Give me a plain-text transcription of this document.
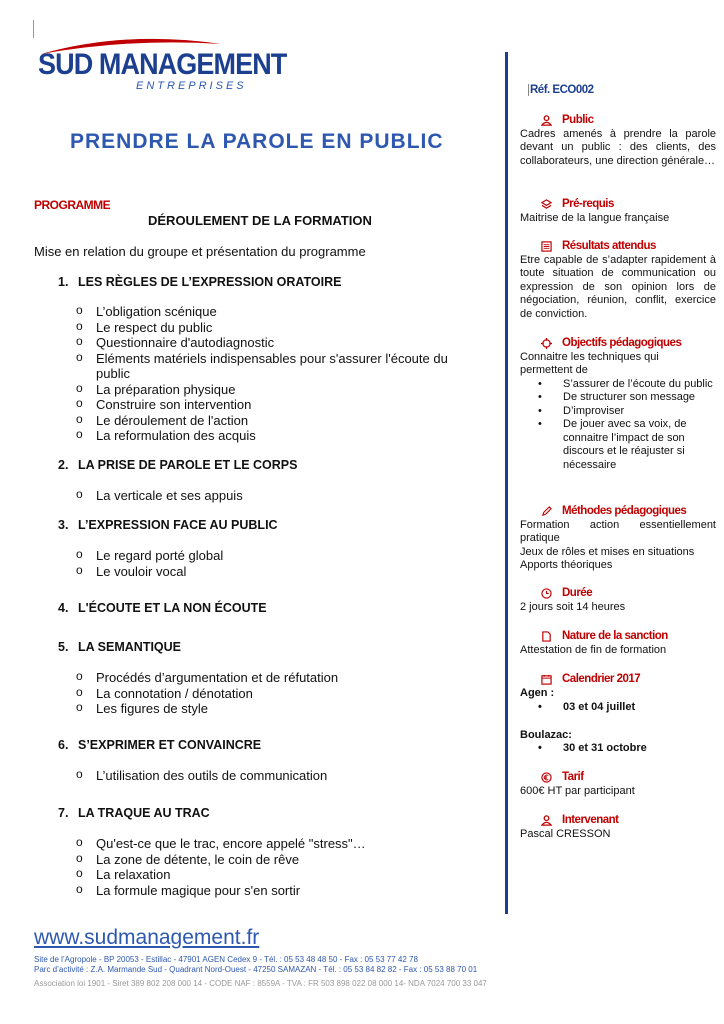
SUD MANAGEMENT
ENTREPRISES
PRENDRE LA PAROLE EN PUBLIC
PROGRAMME
DÉROULEMENT DE LA FORMATION
Mise en relation du groupe et présentation du programme
1. LES RÈGLES DE L’EXPRESSION ORATOIRE
o L’obligation scénique
o Le respect du public
o Questionnaire d'autodiagnostic
o Eléments matériels indispensables pour s'assurer l'écoute du public
o La préparation physique
o Construire son intervention
o Le déroulement de l'action
o La reformulation des acquis
2. LA PRISE DE PAROLE ET LE CORPS
o La verticale et ses appuis
3. L’EXPRESSION FACE AU PUBLIC
o Le regard porté global
o Le vouloir vocal
4. L'ÉCOUTE ET LA NON ÉCOUTE
5. LA SEMANTIQUE
o Procédés d’argumentation et de réfutation
o La connotation / dénotation
o Les figures de style
6. S’EXPRIMER ET CONVAINCRE
o L’utilisation des outils de communication
7. LA TRAQUE AU TRAC
o Qu'est-ce que le trac, encore appelé "stress"…
o La zone de détente, le coin de rêve
o La relaxation
o La formule magique pour s'en sortir
Réf. ECO002
Public
Cadres amenés à prendre la parole devant un public : des clients, des collaborateurs, une direction générale…
Pré-requis
Maitrise de la langue française
Résultats attendus
Etre capable de s’adapter rapidement à toute situation de communication ou expression de son opinion lors de négociation, réunion, conflit, exercice de conviction.
Objectifs pédagogiques
Connaitre les techniques qui permettent de
• S’assurer de l’écoute du public
• De structurer son message
• D’improviser
• De jouer avec sa voix, de connaitre l’impact de son discours et le réajuster si nécessaire
Méthodes pédagogiques
Formation action essentiellement pratique
Jeux de rôles et mises en situations
Apports théoriques
Durée
2 jours soit 14 heures
Nature de la sanction
Attestation de fin de formation
Calendrier 2017
Agen :
• 03 et 04 juillet
Boulazac:
• 30 et 31 octobre
Tarif
600€ HT par participant
Intervenant
Pascal CRESSON
www.sudmanagement.fr
Site de l’Agropole - BP 20053 - Estillac - 47901 AGEN Cedex 9 - Tél. : 05 53 48 48 50 - Fax : 05 53 77 42 78
Parc d’activité : Z.A. Marmande Sud - Quadrant Nord-Ouest - 47250 SAMAZAN - Tél. : 05 53 84 82 82 - Fax : 05 53 88 70 01
Association loi 1901 - Siret 389 802 208 000 14 - CODE NAF : 8559A - TVA : FR 503 898 022 08 000 14- NDA 7024 700 33 047
